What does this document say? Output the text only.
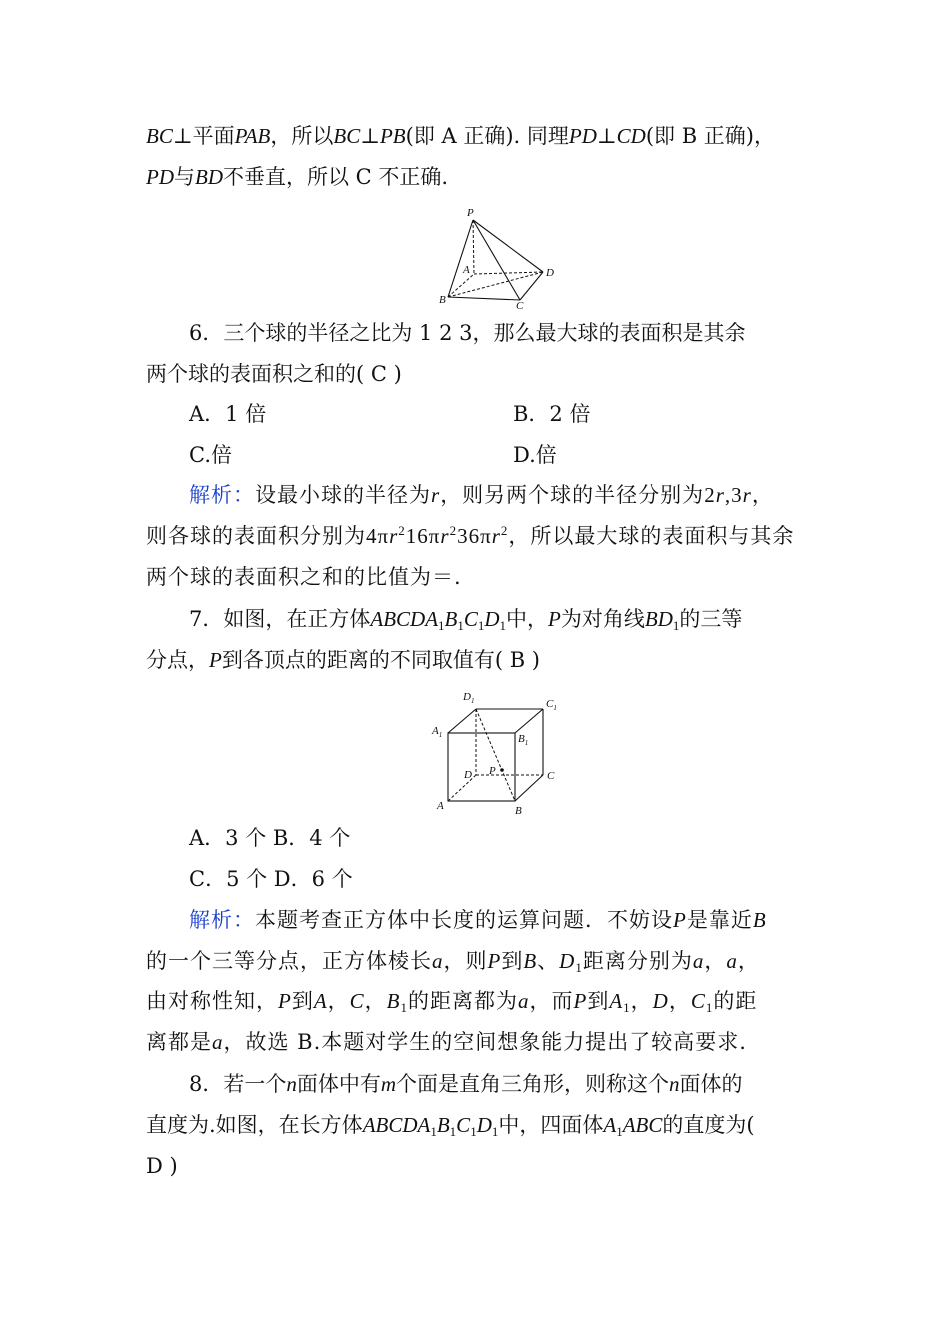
BC⊥平面PAB，所以BC⊥PB(即 A 正确). 同理PD⊥CD(即 B 正确)，
PD与BD不垂直，所以 C 不正确.
P
A
B	C
D
6．三个球的半径之比为 1 2 3，那么最大球的表面积是其余
两个球的表面积之和的( C )
A．1 倍	B．2 倍
C.倍	D.倍
解析：设最小球的半径为r，则另两个球的半径分别为2r,3r，
则各球的表面积分别为$4\pi r^216\pi r^236\pi r^2$，所以最大球的表面积与其余
两个球的表面积之和的比值为＝.
7．如图，在正方体$ABCDA_1B_1C_1D_1$中，P为对角线$BD_1$的三等
分点，P到各顶点的距离的不同取值有( B )
$D_1$	$C_1$
$A_1$	$B_1$
D P	C
A	B
A．3 个 B．4 个
C．5 个 D．6 个
解析：本题考查正方体中长度的运算问题．不妨设P是靠近B
的一个三等分点，正方体棱长a，则P到B、$D_1$距离分别为a，a，
由对称性知，P到A，C，$B_1$的距离都为a，而P到$A_1$，D，$C_1$的距
离都是a，故选 B.本题对学生的空间想象能力提出了较高要求.
8．若一个n面体中有m个面是直角三角形，则称这个n面体的
直度为.如图，在长方体$ABCDA_1B_1C_1D_1$中，四面体$A_1ABC$的直度为(
D )
